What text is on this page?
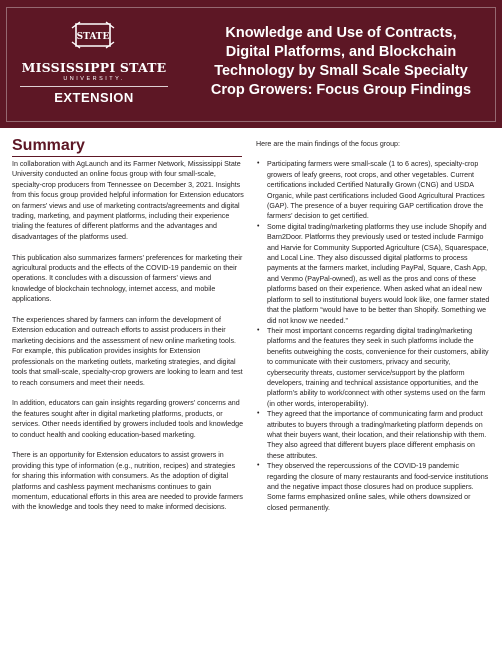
STATE
MISSISSIPPI STATE
UNIVERSITY.
EXTENSION
Knowledge and Use of Contracts,
Digital Platforms, and Blockchain
Technology by Small Scale Specialty
Crop Growers: Focus Group Findings
Summary

In collaboration with AgLaunch and its Farmer Network, Mississippi State University conducted an online focus group with four small-scale, specialty-crop producers from Tennessee on December 3, 2021. Insights from this focus group provided helpful information for Extension educators on farmers’ views and use of marketing contracts/agreements and digital trading, marketing, and payment platforms, including their experience trialing the features of different platforms and the advantages and disadvantages of the platforms used.

This publication also summarizes farmers’ preferences for marketing their agricultural products and the effects of the COVID-19 pandemic on their operations. It concludes with a discussion of farmers’ views and knowledge of blockchain technology, internet access, and mobile applications.

The experiences shared by farmers can inform the development of Extension education and outreach efforts to assist producers in their marketing decisions and the assessment of new online marketing tools. For example, this publication provides insights for Extension professionals on the marketing outlets, marketing strategies, and digital tools that small-scale, specialty-crop growers are looking to learn and test to reach consumers and meet their needs.

In addition, educators can gain insights regarding growers’ concerns and the features sought after in digital marketing platforms, products, or services. Other needs identified by growers included tools and knowledge to conduct health and cooking education-based marketing.

There is an opportunity for Extension educators to assist growers in providing this type of information (e.g., nutrition, recipes) and strategies for sharing this information with consumers. As the adoption of digital platforms and cashless payment mechanisms continues to gain momentum, educational efforts in this area are needed to provide farmers with the knowledge and tools they need to make informed decisions.

Here are the main findings of the focus group:

• Participating farmers were small-scale (1 to 6 acres), specialty-crop growers of leafy greens, root crops, and other vegetables. Current certifications included Certified Naturally Grown (CNG) and USDA Organic, while past certifications included Good Agricultural Practices (GAP). The presence of a buyer requiring GAP certification drove the farmers’ decision to get certified.
• Some digital trading/marketing platforms they use include Shopify and Barn2Door. Platforms they previously used or tested include Farmigo and Harvie for Community Supported Agriculture (CSA), Squarespace, and Local Line. They also discussed digital platforms to process payments at the farmers market, including PayPal, Square, Cash App, and Venmo (PayPal-owned), as well as the pros and cons of these platforms based on their experience. When asked what an ideal new platform to sell to institutional buyers would look like, one farmer stated that the platform “would have to be better than Shopify. Something we did not know we needed.”
• Their most important concerns regarding digital trading/marketing platforms and the features they seek in such platforms include the benefits outweighing the costs, convenience for their customers, ability to communicate with their customers, privacy and security, cybersecurity threats, customer service/support by the platform developers, training and technical assistance opportunities, and the platform’s ability to work/connect with other systems used on the farm (in other words, interoperability).
• They agreed that the importance of communicating farm and product attributes to buyers through a trading/marketing platform depends on what their buyers want, their location, and their relationship with them. They also agreed that different buyers place different emphasis on these attributes.
• They observed the repercussions of the COVID-19 pandemic regarding the closure of many restaurants and food-service institutions and the negative impact those closures had on produce suppliers. Some farms emphasized online sales, while others downsized or closed permanently.
